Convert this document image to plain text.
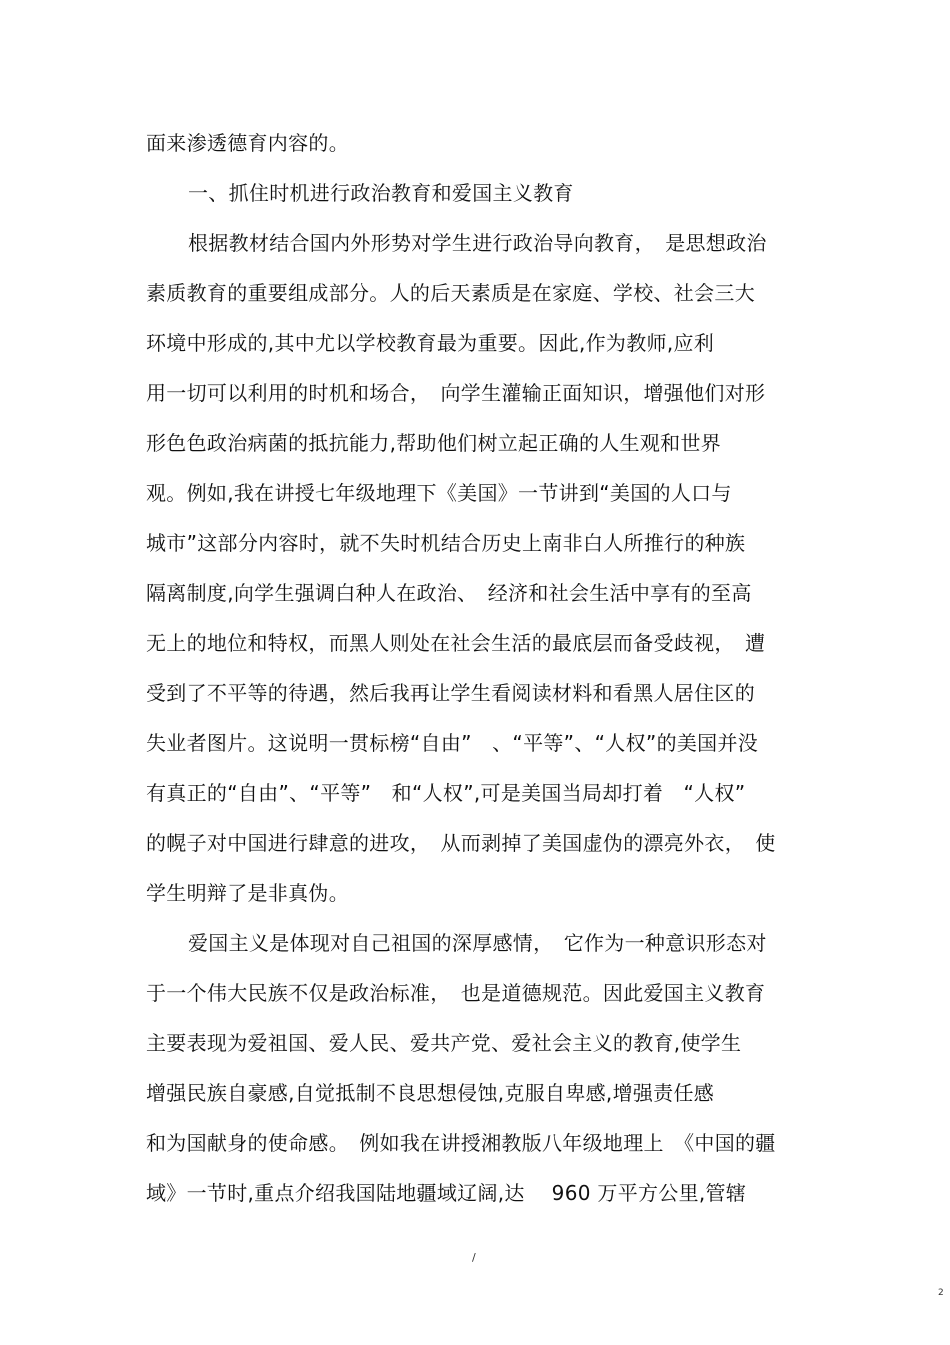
面来渗透德育内容的。
一、抓住时机进行政治教育和爱国主义教育
根据教材结合国内外形势对学生进行政治导向教育，　是思想政治
素质教育的重要组成部分。人的后天素质是在家庭、学校、社会三大
环境中形成的,其中尤以学校教育最为重要。因此,作为教师,应利
用一切可以利用的时机和场合，　向学生灌输正面知识，增强他们对形
形色色政治病菌的抵抗能力,帮助他们树立起正确的人生观和世界
观。例如,我在讲授七年级地理下《美国》一节讲到“美国的人口与
城市”这部分内容时，就不失时机结合历史上南非白人所推行的种族
隔离制度,向学生强调白种人在政治、　经济和社会生活中享有的至高
无上的地位和特权，而黑人则处在社会生活的最底层而备受歧视，　遭
受到了不平等的待遇，然后我再让学生看阅读材料和看黑人居住区的
失业者图片。这说明一贯标榜“自由”　、“平等”、“人权”的美国并没
有真正的“自由”、“平等”　和“人权”,可是美国当局却打着　“人权”
的幌子对中国进行肆意的进攻，　从而剥掉了美国虚伪的漂亮外衣，　使
学生明辩了是非真伪。
爱国主义是体现对自己祖国的深厚感情，　它作为一种意识形态对
于一个伟大民族不仅是政治标准，　也是道德规范。因此爱国主义教育
主要表现为爱祖国、爱人民、爱共产党、爱社会主义的教育,使学生
增强民族自豪感,自觉抵制不良思想侵蚀,克服自卑感,增强责任感
和为国献身的使命感。　例如我在讲授湘教版八年级地理上　《中国的疆
域》一节时,重点介绍我国陆地疆域辽阔,达　 960 万平方公里,管辖
/
2
